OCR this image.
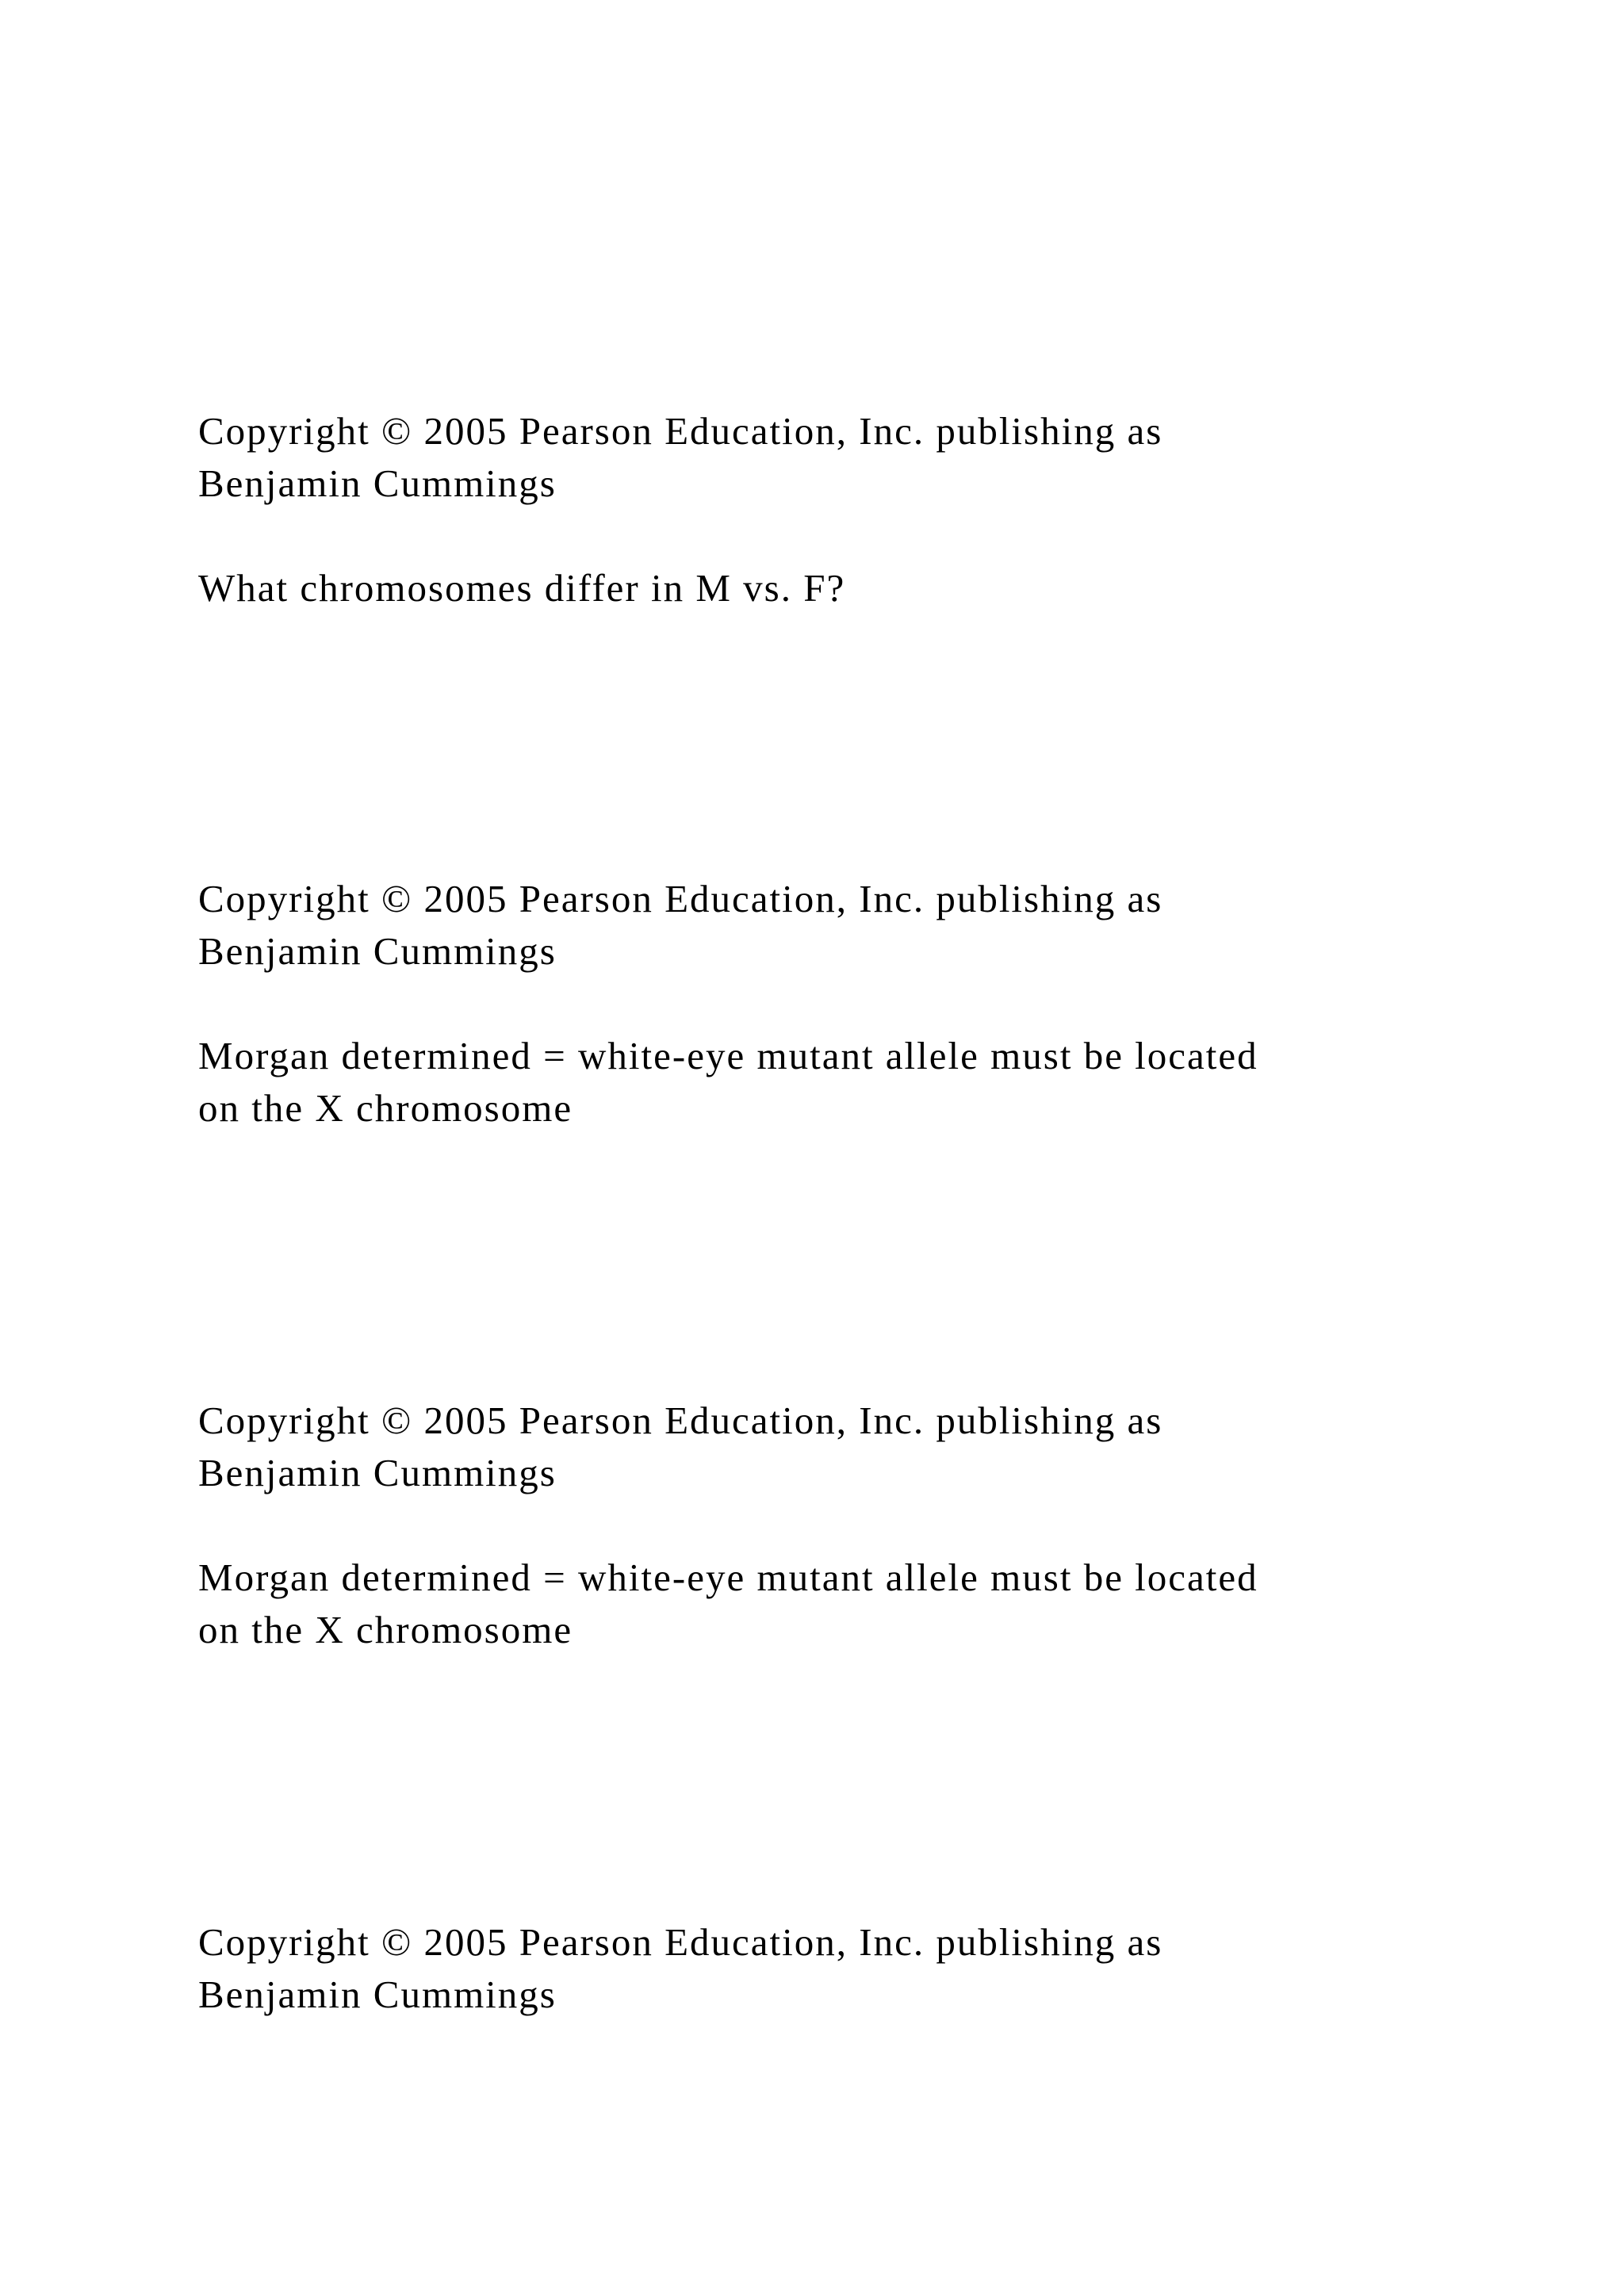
Copyright © 2005 Pearson Education, Inc. publishing as
Benjamin Cummings
What chromosomes differ in M vs. F?
Copyright © 2005 Pearson Education, Inc. publishing as
Benjamin Cummings
Morgan determined = white-eye mutant allele must be located
on the X chromosome
Copyright © 2005 Pearson Education, Inc. publishing as
Benjamin Cummings
Morgan determined = white-eye mutant allele must be located
on the X chromosome
Copyright © 2005 Pearson Education, Inc. publishing as
Benjamin Cummings
